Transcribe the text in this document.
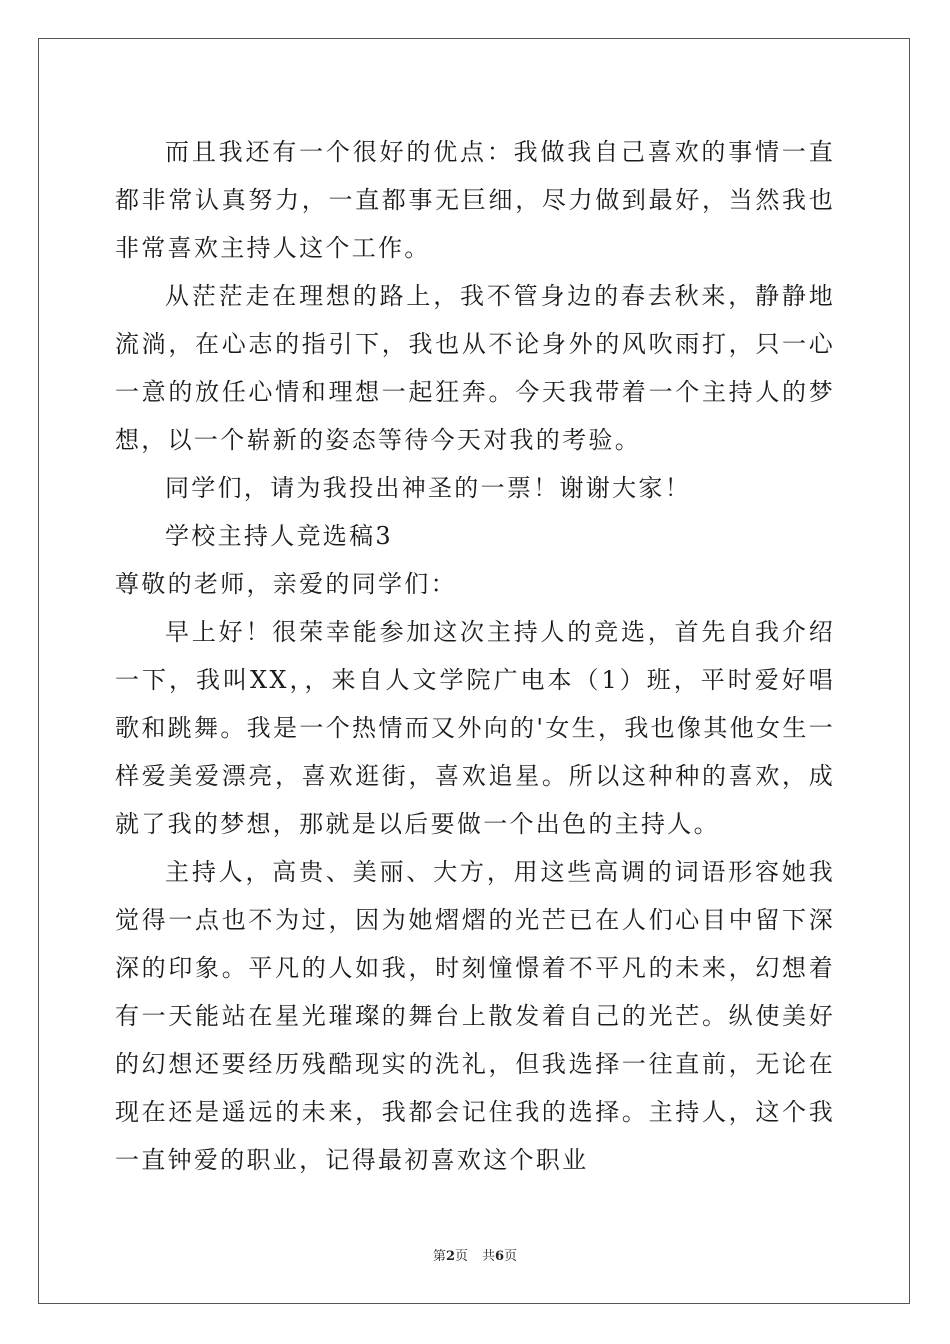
而且我还有一个很好的优点：我做我自己喜欢的事情一直都非常认真努力，一直都事无巨细，尽力做到最好，当然我也非常喜欢主持人这个工作。

从茫茫走在理想的路上，我不管身边的春去秋来，静静地流淌，在心志的指引下，我也从不论身外的风吹雨打，只一心一意的放任心情和理想一起狂奔。今天我带着一个主持人的梦想，以一个崭新的姿态等待今天对我的考验。

同学们，请为我投出神圣的一票！谢谢大家！

学校主持人竞选稿3

尊敬的老师，亲爱的同学们：

早上好！很荣幸能参加这次主持人的竞选，首先自我介绍一下，我叫XX，，来自人文学院广电本（1）班，平时爱好唱歌和跳舞。我是一个热情而又外向的'女生，我也像其他女生一样爱美爱漂亮，喜欢逛街，喜欢追星。所以这种种的喜欢，成就了我的梦想，那就是以后要做一个出色的主持人。

主持人，高贵、美丽、大方，用这些高调的词语形容她我觉得一点也不为过，因为她熠熠的光芒已在人们心目中留下深深的印象。平凡的人如我，时刻憧憬着不平凡的未来，幻想着有一天能站在星光璀璨的舞台上散发着自己的光芒。纵使美好的幻想还要经历残酷现实的洗礼，但我选择一往直前，无论在现在还是遥远的未来，我都会记住我的选择。主持人，这个我一直钟爱的职业，记得最初喜欢这个职业

第2页 共6页
